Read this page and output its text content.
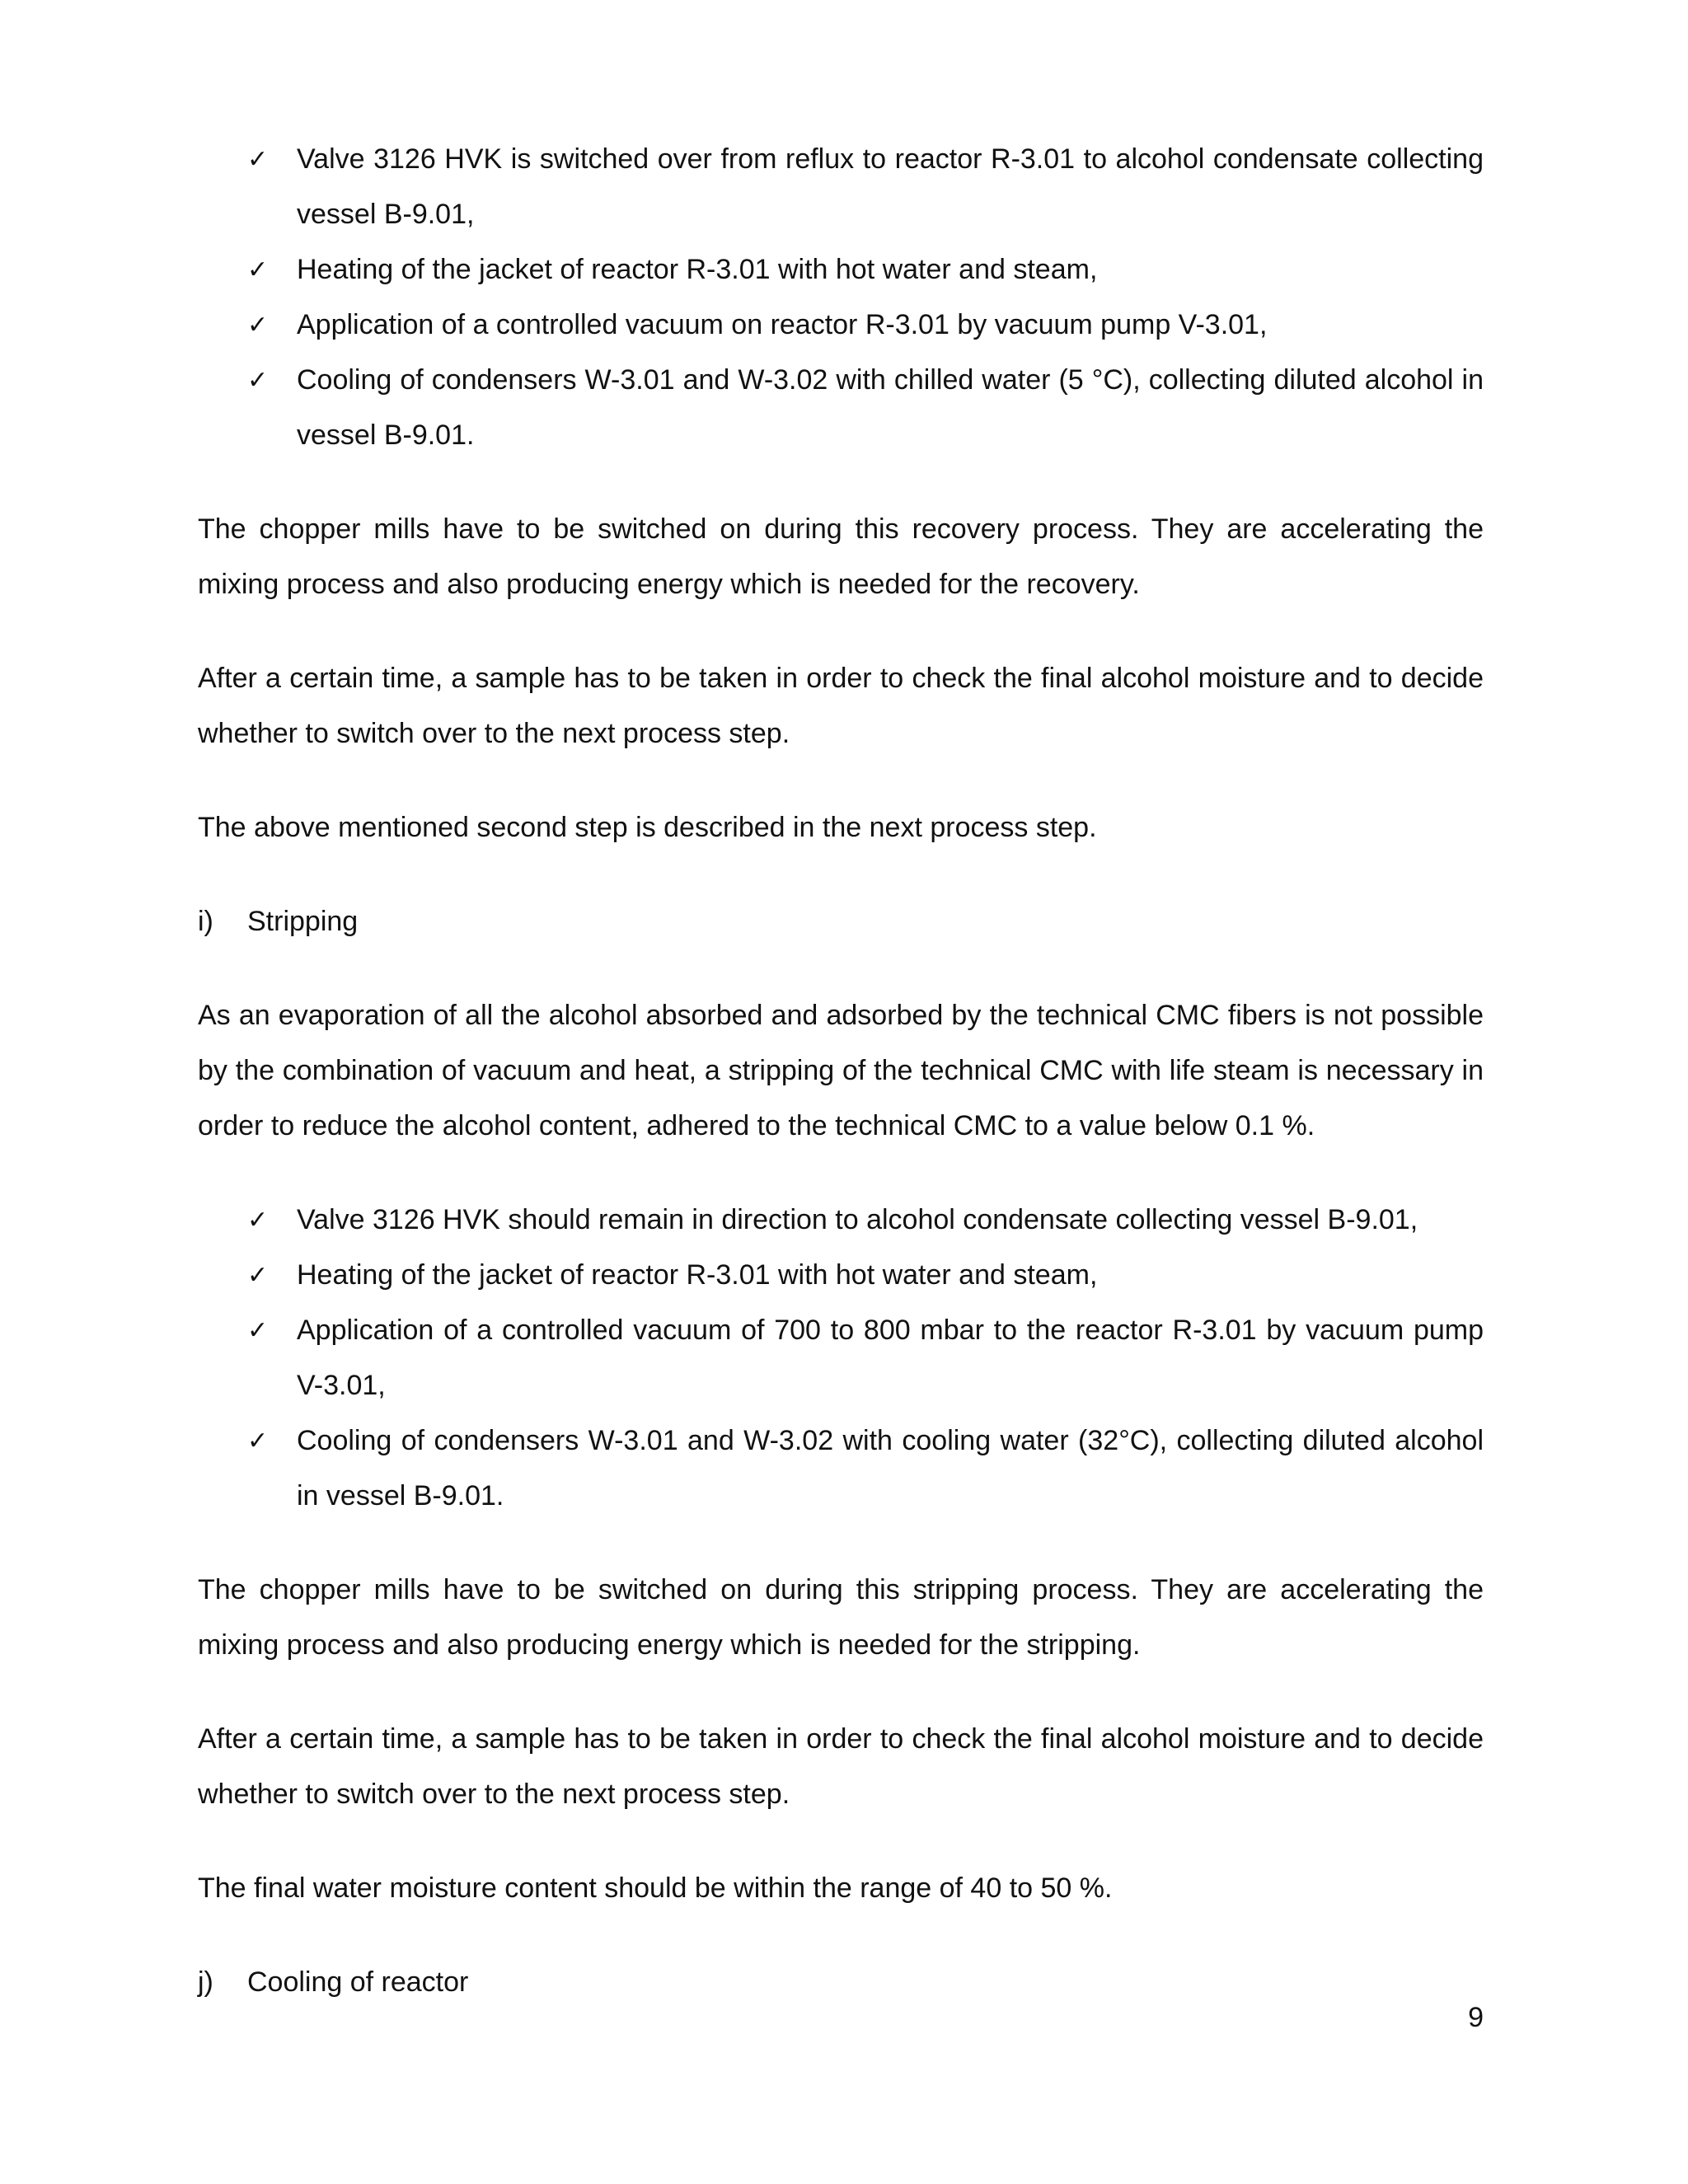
✓ Valve 3126 HVK is switched over from reflux to reactor R-3.01 to alcohol condensate collecting vessel B-9.01,
✓ Heating of the jacket of reactor R-3.01 with hot water and steam,
✓ Application of a controlled vacuum on reactor R-3.01 by vacuum pump V-3.01,
✓ Cooling of condensers W-3.01 and W-3.02 with chilled water (5 °C), collecting diluted alcohol in vessel B-9.01.

The chopper mills have to be switched on during this recovery process. They are accelerating the mixing process and also producing energy which is needed for the recovery.

After a certain time, a sample has to be taken in order to check the final alcohol moisture and to decide whether to switch over to the next process step.

The above mentioned second step is described in the next process step.

i)	Stripping

As an evaporation of all the alcohol absorbed and adsorbed by the technical CMC fibers is not possible by the combination of vacuum and heat, a stripping of the technical CMC with life steam is necessary in order to reduce the alcohol content, adhered to the technical CMC to a value below 0.1 %.

✓ Valve 3126 HVK should remain in direction to alcohol condensate collecting vessel B-9.01,
✓ Heating of the jacket of reactor R-3.01 with hot water and steam,
✓ Application of a controlled vacuum of 700 to 800 mbar to the reactor R-3.01 by vacuum pump V-3.01,
✓ Cooling of condensers W-3.01 and W-3.02 with cooling water (32°C), collecting diluted alcohol in vessel B-9.01.

The chopper mills have to be switched on during this stripping process. They are accelerating the mixing process and also producing energy which is needed for the stripping.

After a certain time, a sample has to be taken in order to check the final alcohol moisture and to decide whether to switch over to the next process step.

The final water moisture content should be within the range of 40 to 50 %.

j)	Cooling of reactor

9
